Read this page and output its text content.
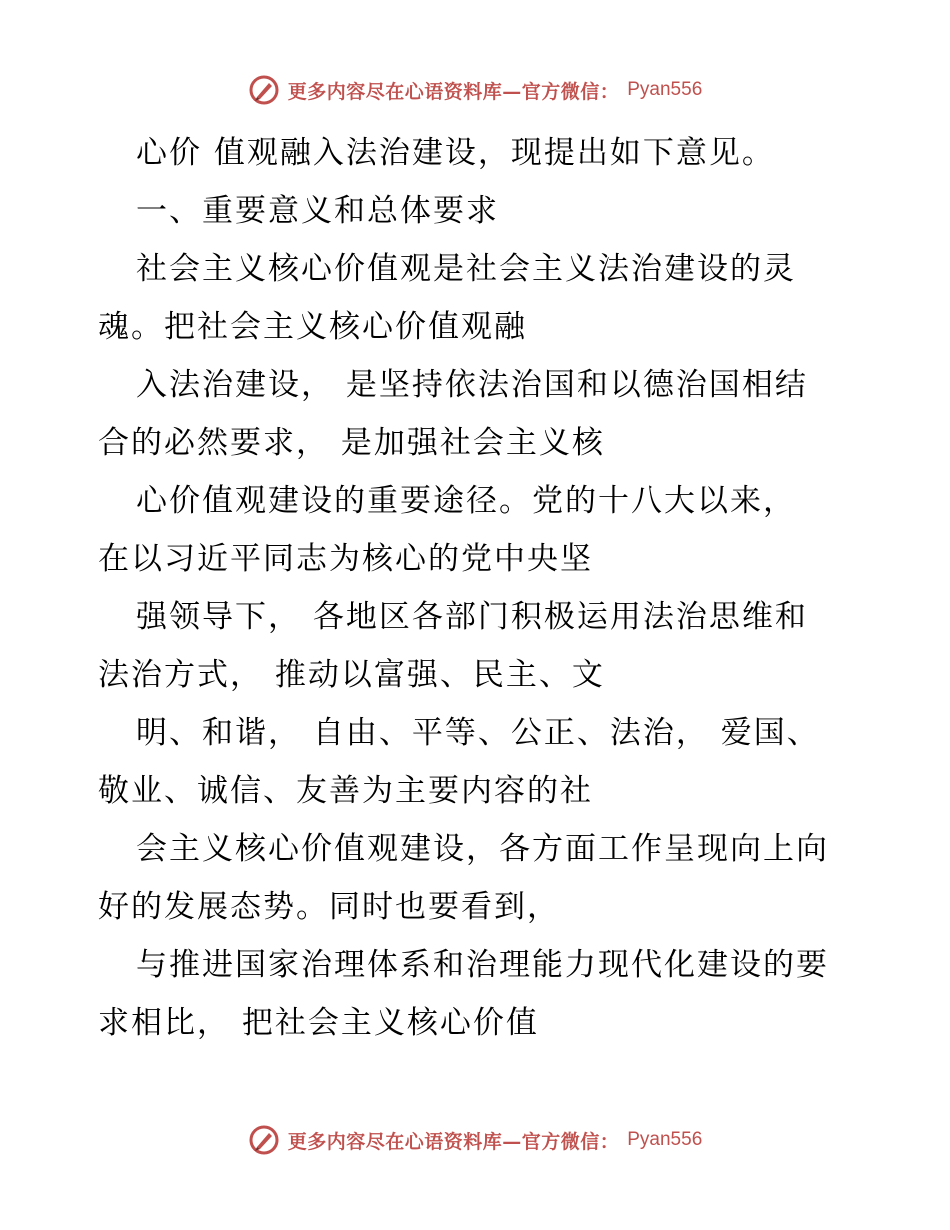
更多内容尽在心语资料库—官方微信： Pyan556
心价 值观融入法治建设，现提出如下意见。
一、重要意义和总体要求
社会主义核心价值观是社会主义法治建设的灵
魂。把社会主义核心价值观融
入法治建设， 是坚持依法治国和以德治国相结
合的必然要求， 是加强社会主义核
心价值观建设的重要途径。党的十八大以来，
在以习近平同志为核心的党中央坚
强领导下， 各地区各部门积极运用法治思维和
法治方式， 推动以富强、民主、文
明、和谐， 自由、平等、公正、法治， 爱国、
敬业、诚信、友善为主要内容的社
会主义核心价值观建设，各方面工作呈现向上向
好的发展态势。同时也要看到，
与推进国家治理体系和治理能力现代化建设的要
求相比， 把社会主义核心价值
更多内容尽在心语资料库—官方微信： Pyan556
